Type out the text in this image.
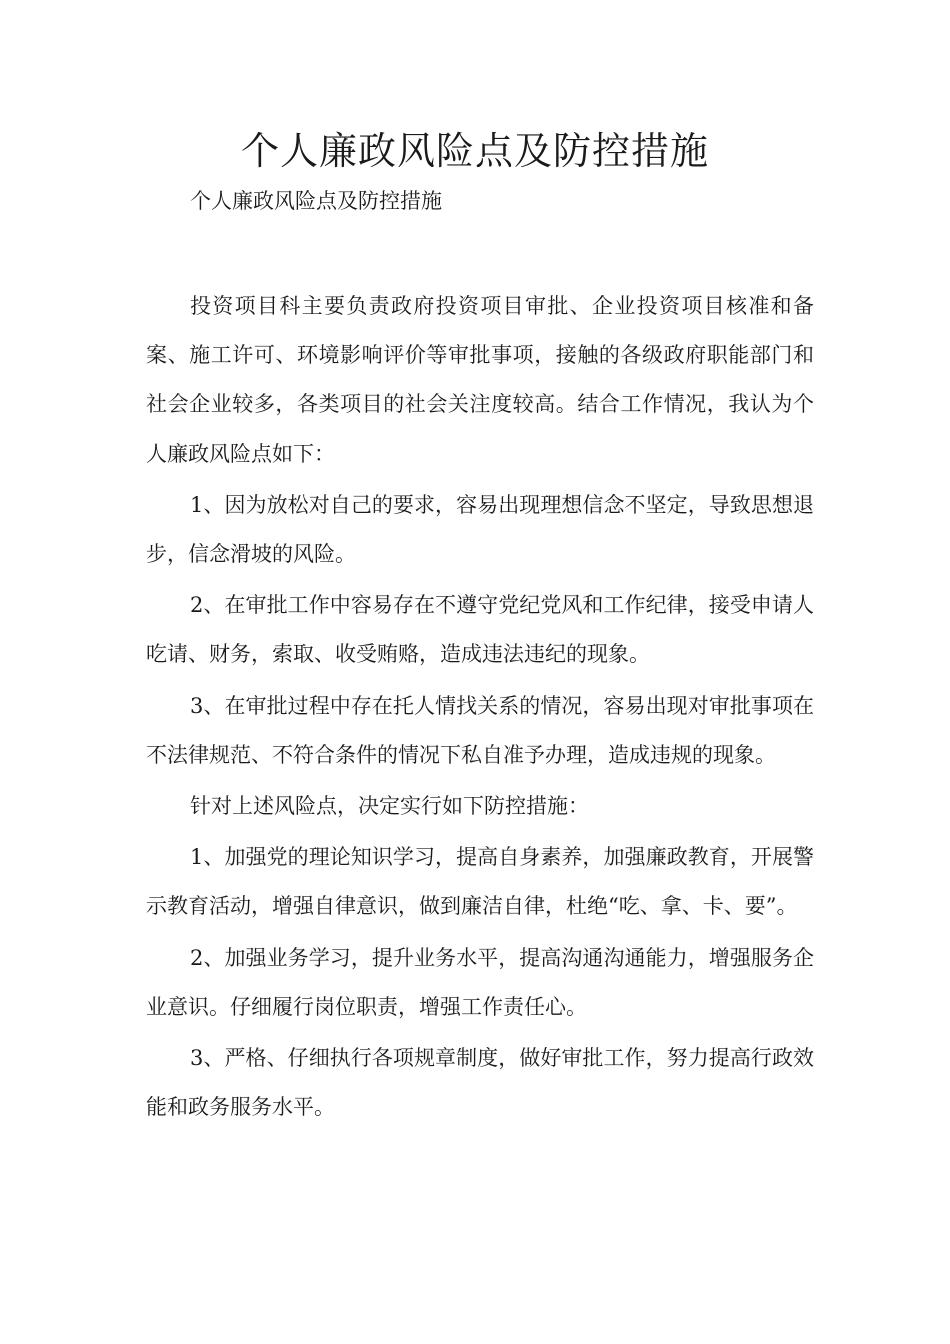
个人廉政风险点及防控措施

个人廉政风险点及防控措施

投资项目科主要负责政府投资项目审批、企业投资项目核准和备案、施工许可、环境影响评价等审批事项，接触的各级政府职能部门和社会企业较多，各类项目的社会关注度较高。结合工作情况，我认为个人廉政风险点如下：

1、因为放松对自己的要求，容易出现理想信念不坚定，导致思想退步，信念滑坡的风险。

2、在审批工作中容易存在不遵守党纪党风和工作纪律，接受申请人吃请、财务，索取、收受贿赂，造成违法违纪的现象。

3、在审批过程中存在托人情找关系的情况，容易出现对审批事项在不法律规范、不符合条件的情况下私自准予办理，造成违规的现象。

针对上述风险点，决定实行如下防控措施：

1、加强党的理论知识学习，提高自身素养，加强廉政教育，开展警示教育活动，增强自律意识，做到廉洁自律，杜绝“吃、拿、卡、要”。

2、加强业务学习，提升业务水平，提高沟通沟通能力，增强服务企业意识。仔细履行岗位职责，增强工作责任心。

3、严格、仔细执行各项规章制度，做好审批工作，努力提高行政效能和政务服务水平。
